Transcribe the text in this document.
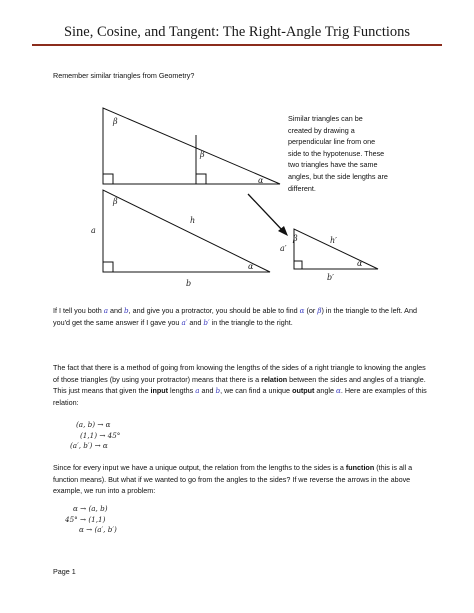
Sine, Cosine, and Tangent: The Right-Angle Trig Functions
Remember similar triangles from Geometry?
β
β
α
β
α
a
b
h
β
α
a′
b′
h′
Similar triangles can be created by drawing a perpendicular line from one side to the hypotenuse. These two triangles have the same angles, but the side lengths are different.
If I tell you both a and b, and give you a protractor, you should be able to find α (or β) in the triangle to the left. And you'd get the same answer if I gave you a′ and b′ in the triangle to the right.
The fact that there is a method of going from knowing the lengths of the sides of a right triangle to knowing the angles of those triangles (by using your protractor) means that there is a relation between the sides and angles of a triangle. This just means that given the input lengths a and b, we can find a unique output angle α. Here are examples of this relation:
(a, b) → α
(1,1) → 45°
(a′, b′) → α
Since for every input we have a unique output, the relation from the lengths to the sides is a function (this is all a function means). But what if we wanted to go from the angles to the sides? If we reverse the arrows in the above example, we run into a problem:
α → (a, b)
45° → (1,1)
α → (a′, b′)
Page 1
